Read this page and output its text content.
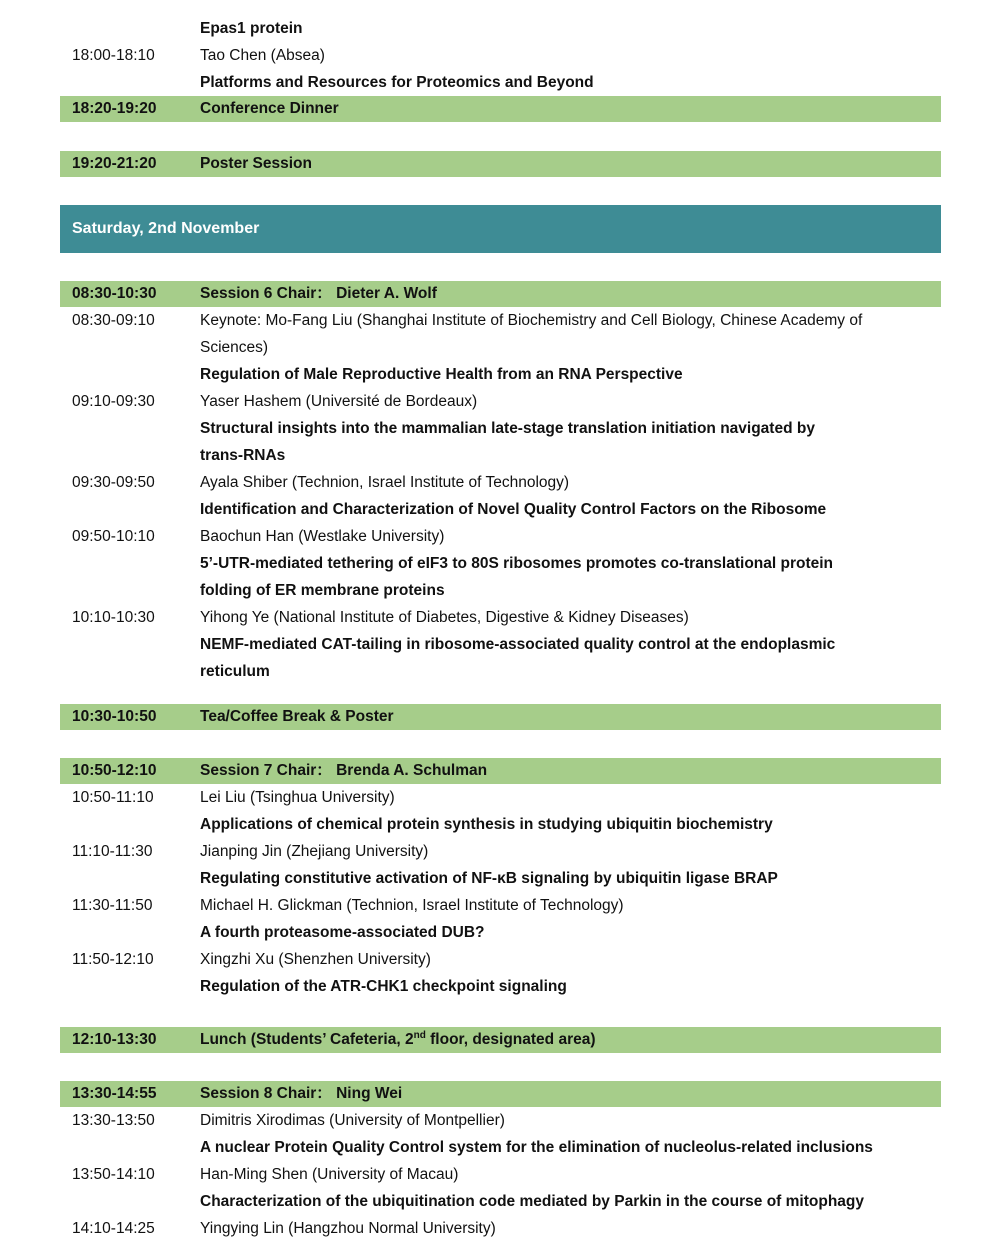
Epas1 protein
18:00-18:10	Tao Chen (Absea)
Platforms and Resources for Proteomics and Beyond
18:20-19:20	Conference Dinner
19:20-21:20	Poster Session
Saturday, 2nd November
08:30-10:30	Session 6 Chair： Dieter A. Wolf
08:30-09:10	Keynote: Mo-Fang Liu (Shanghai Institute of Biochemistry and Cell Biology, Chinese Academy of
Sciences)
Regulation of Male Reproductive Health from an RNA Perspective
09:10-09:30	Yaser Hashem (Université de Bordeaux)
Structural insights into the mammalian late-stage translation initiation navigated by
trans-RNAs
09:30-09:50	Ayala Shiber (Technion, Israel Institute of Technology)
Identification and Characterization of Novel Quality Control Factors on the Ribosome
09:50-10:10	Baochun Han (Westlake University)
5’-UTR-mediated tethering of eIF3 to 80S ribosomes promotes co-translational protein
folding of ER membrane proteins
10:10-10:30	Yihong Ye (National Institute of Diabetes, Digestive & Kidney Diseases)
NEMF-mediated CAT-tailing in ribosome-associated quality control at the endoplasmic
reticulum
10:30-10:50	Tea/Coffee Break & Poster
10:50-12:10	Session 7 Chair： Brenda A. Schulman
10:50-11:10	Lei Liu (Tsinghua University)
Applications of chemical protein synthesis in studying ubiquitin biochemistry
11:10-11:30	Jianping Jin (Zhejiang University)
Regulating constitutive activation of NF-κB signaling by ubiquitin ligase BRAP
11:30-11:50	Michael H. Glickman (Technion, Israel Institute of Technology)
A fourth proteasome-associated DUB?
11:50-12:10	Xingzhi Xu (Shenzhen University)
Regulation of the ATR-CHK1 checkpoint signaling
12:10-13:30	Lunch (Students’ Cafeteria, 2nd floor, designated area)
13:30-14:55	Session 8 Chair： Ning Wei
13:30-13:50	Dimitris Xirodimas (University of Montpellier)
A nuclear Protein Quality Control system for the elimination of nucleolus-related inclusions
13:50-14:10	Han-Ming Shen (University of Macau)
Characterization of the ubiquitination code mediated by Parkin in the course of mitophagy
14:10-14:25	Yingying Lin (Hangzhou Normal University)
